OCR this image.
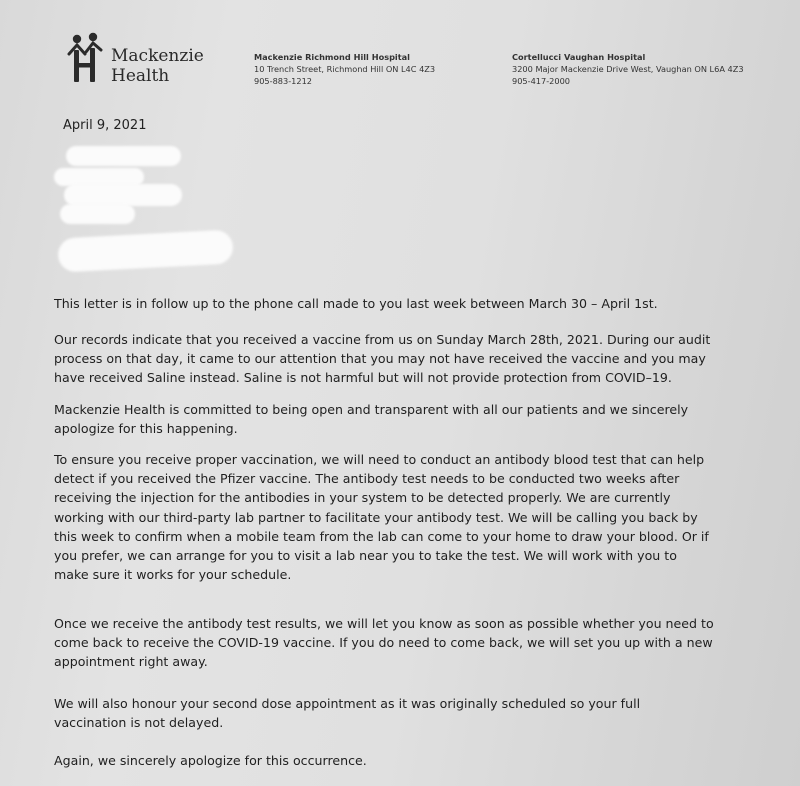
Mackenzie
Health
Mackenzie Richmond Hill Hospital
10 Trench Street, Richmond Hill ON L4C 4Z3
905-883-1212
Cortellucci Vaughan Hospital
3200 Major Mackenzie Drive West, Vaughan ON L6A 4Z3
905-417-2000
April 9, 2021
This letter is in follow up to the phone call made to you last week between March 30 – April 1st.
Our records indicate that you received a vaccine from us on Sunday March 28th, 2021. During our audit
process on that day, it came to our attention that you may not have received the vaccine and you may
have received Saline instead. Saline is not harmful but will not provide protection from COVID–19.
Mackenzie Health is committed to being open and transparent with all our patients and we sincerely
apologize for this happening.
To ensure you receive proper vaccination, we will need to conduct an antibody blood test that can help
detect if you received the Pfizer vaccine. The antibody test needs to be conducted two weeks after
receiving the injection for the antibodies in your system to be detected properly. We are currently
working with our third-party lab partner to facilitate your antibody test. We will be calling you back by
this week to confirm when a mobile team from the lab can come to your home to draw your blood. Or if
you prefer, we can arrange for you to visit a lab near you to take the test. We will work with you to
make sure it works for your schedule.
Once we receive the antibody test results, we will let you know as soon as possible whether you need to
come back to receive the COVID-19 vaccine. If you do need to come back, we will set you up with a new
appointment right away.
We will also honour your second dose appointment as it was originally scheduled so your full
vaccination is not delayed.
Again, we sincerely apologize for this occurrence.
